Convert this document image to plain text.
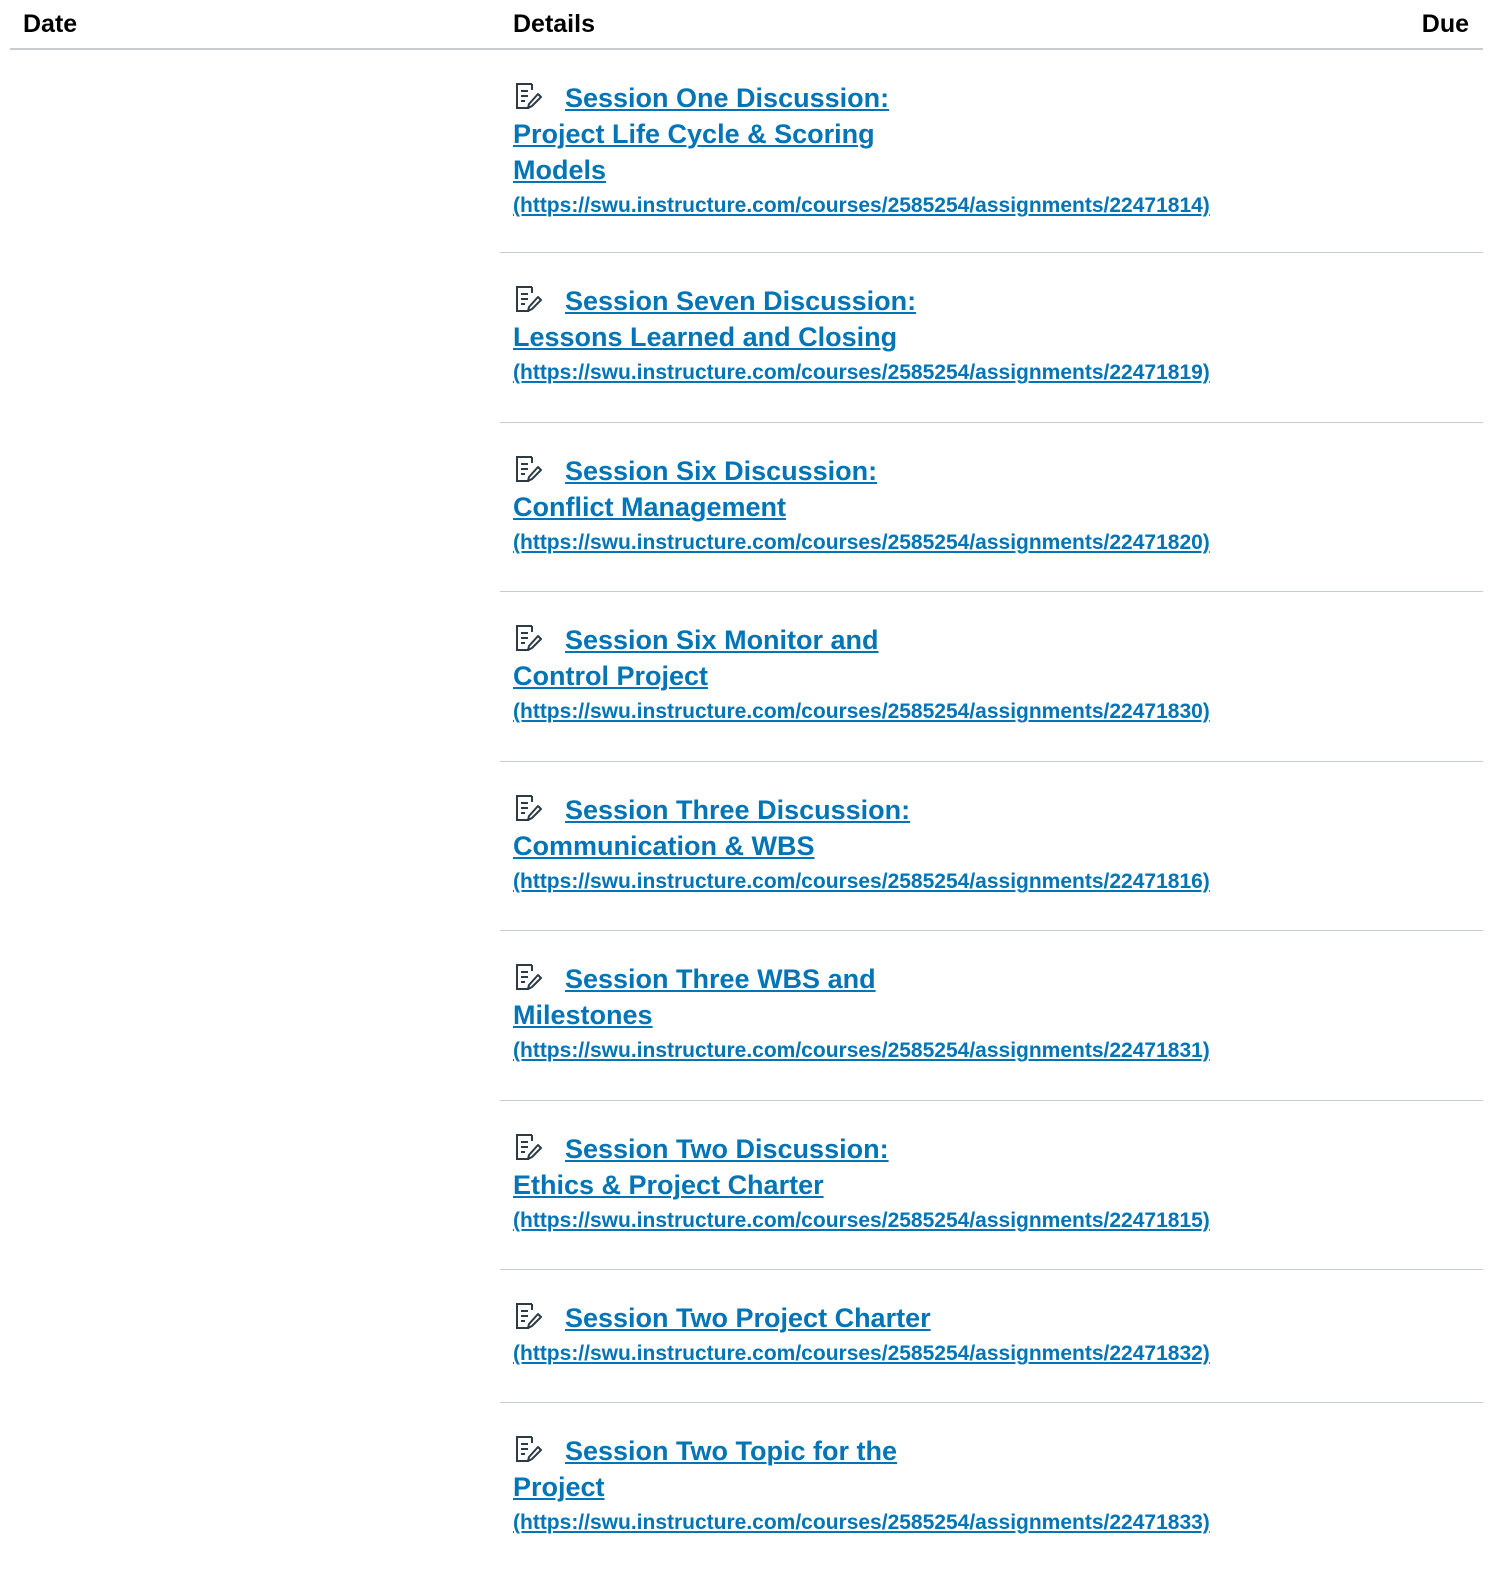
Date	Details	Due
Session One Discussion: Project Life Cycle & Scoring Models
(https://swu.instructure.com/courses/2585254/assignments/22471814)
Session Seven Discussion: Lessons Learned and Closing
(https://swu.instructure.com/courses/2585254/assignments/22471819)
Session Six Discussion: Conflict Management
(https://swu.instructure.com/courses/2585254/assignments/22471820)
Session Six Monitor and Control Project
(https://swu.instructure.com/courses/2585254/assignments/22471830)
Session Three Discussion: Communication & WBS
(https://swu.instructure.com/courses/2585254/assignments/22471816)
Session Three WBS and Milestones
(https://swu.instructure.com/courses/2585254/assignments/22471831)
Session Two Discussion: Ethics & Project Charter
(https://swu.instructure.com/courses/2585254/assignments/22471815)
Session Two Project Charter
(https://swu.instructure.com/courses/2585254/assignments/22471832)
Session Two Topic for the Project
(https://swu.instructure.com/courses/2585254/assignments/22471833)
